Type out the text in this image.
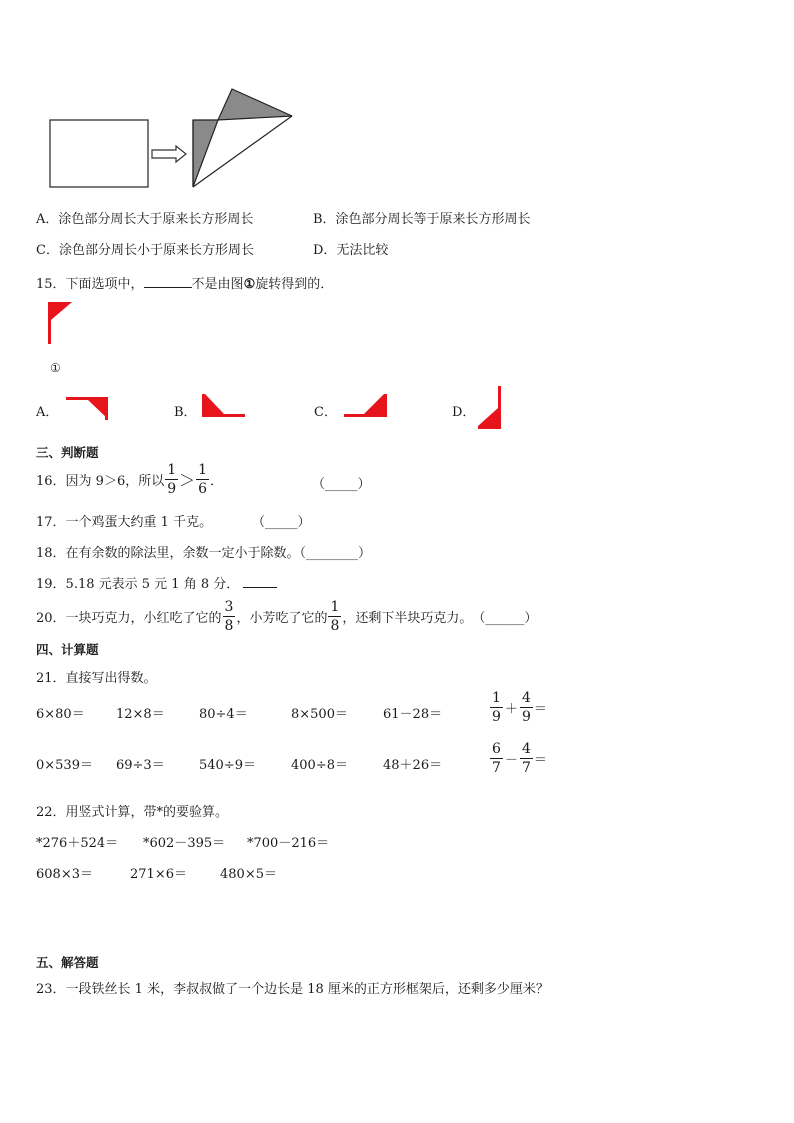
A．涂色部分周长大于原来长方形周长	B．涂色部分周长等于原来长方形周长
C．涂色部分周长小于原来长方形周长	D．无法比较
15．下面选项中，	不是由图①旋转得到的．
①
A．	B．	C．	D．
三、判断题
16．因为 9＞6，所以 $\frac{1}{9} > \frac{1}{6}$ ．	（_____）
17．一个鸡蛋大约重 1 千克。	（_____）
18．在有余数的除法里，余数一定小于除数。（________）
19．5.18 元表示 5 元 1 角 8 分．
20．一块巧克力，小红吃了它的 $\frac{3}{8}$ ，小芳吃了它的 $\frac{1}{8}$ ，还剩下半块巧克力。 （______）
四、计算题
21．直接写出得数。
6×80＝ 12×8＝	80÷4＝	8×500＝	61－28＝	$\frac{1}{9} + \frac{4}{9}$ ＝
0×539＝ 69÷3＝	540÷9＝	400÷8＝	48＋26＝	$\frac{6}{7} - \frac{4}{7}$ ＝
22．用竖式计算，带*的要验算。
*276＋524＝ *602－395＝ *700－216＝
608×3＝	271×6＝	480×5＝
五、解答题
23．一段铁丝长 1 米，李叔叔做了一个边长是 18 厘米的正方形框架后，还剩多少厘米？
